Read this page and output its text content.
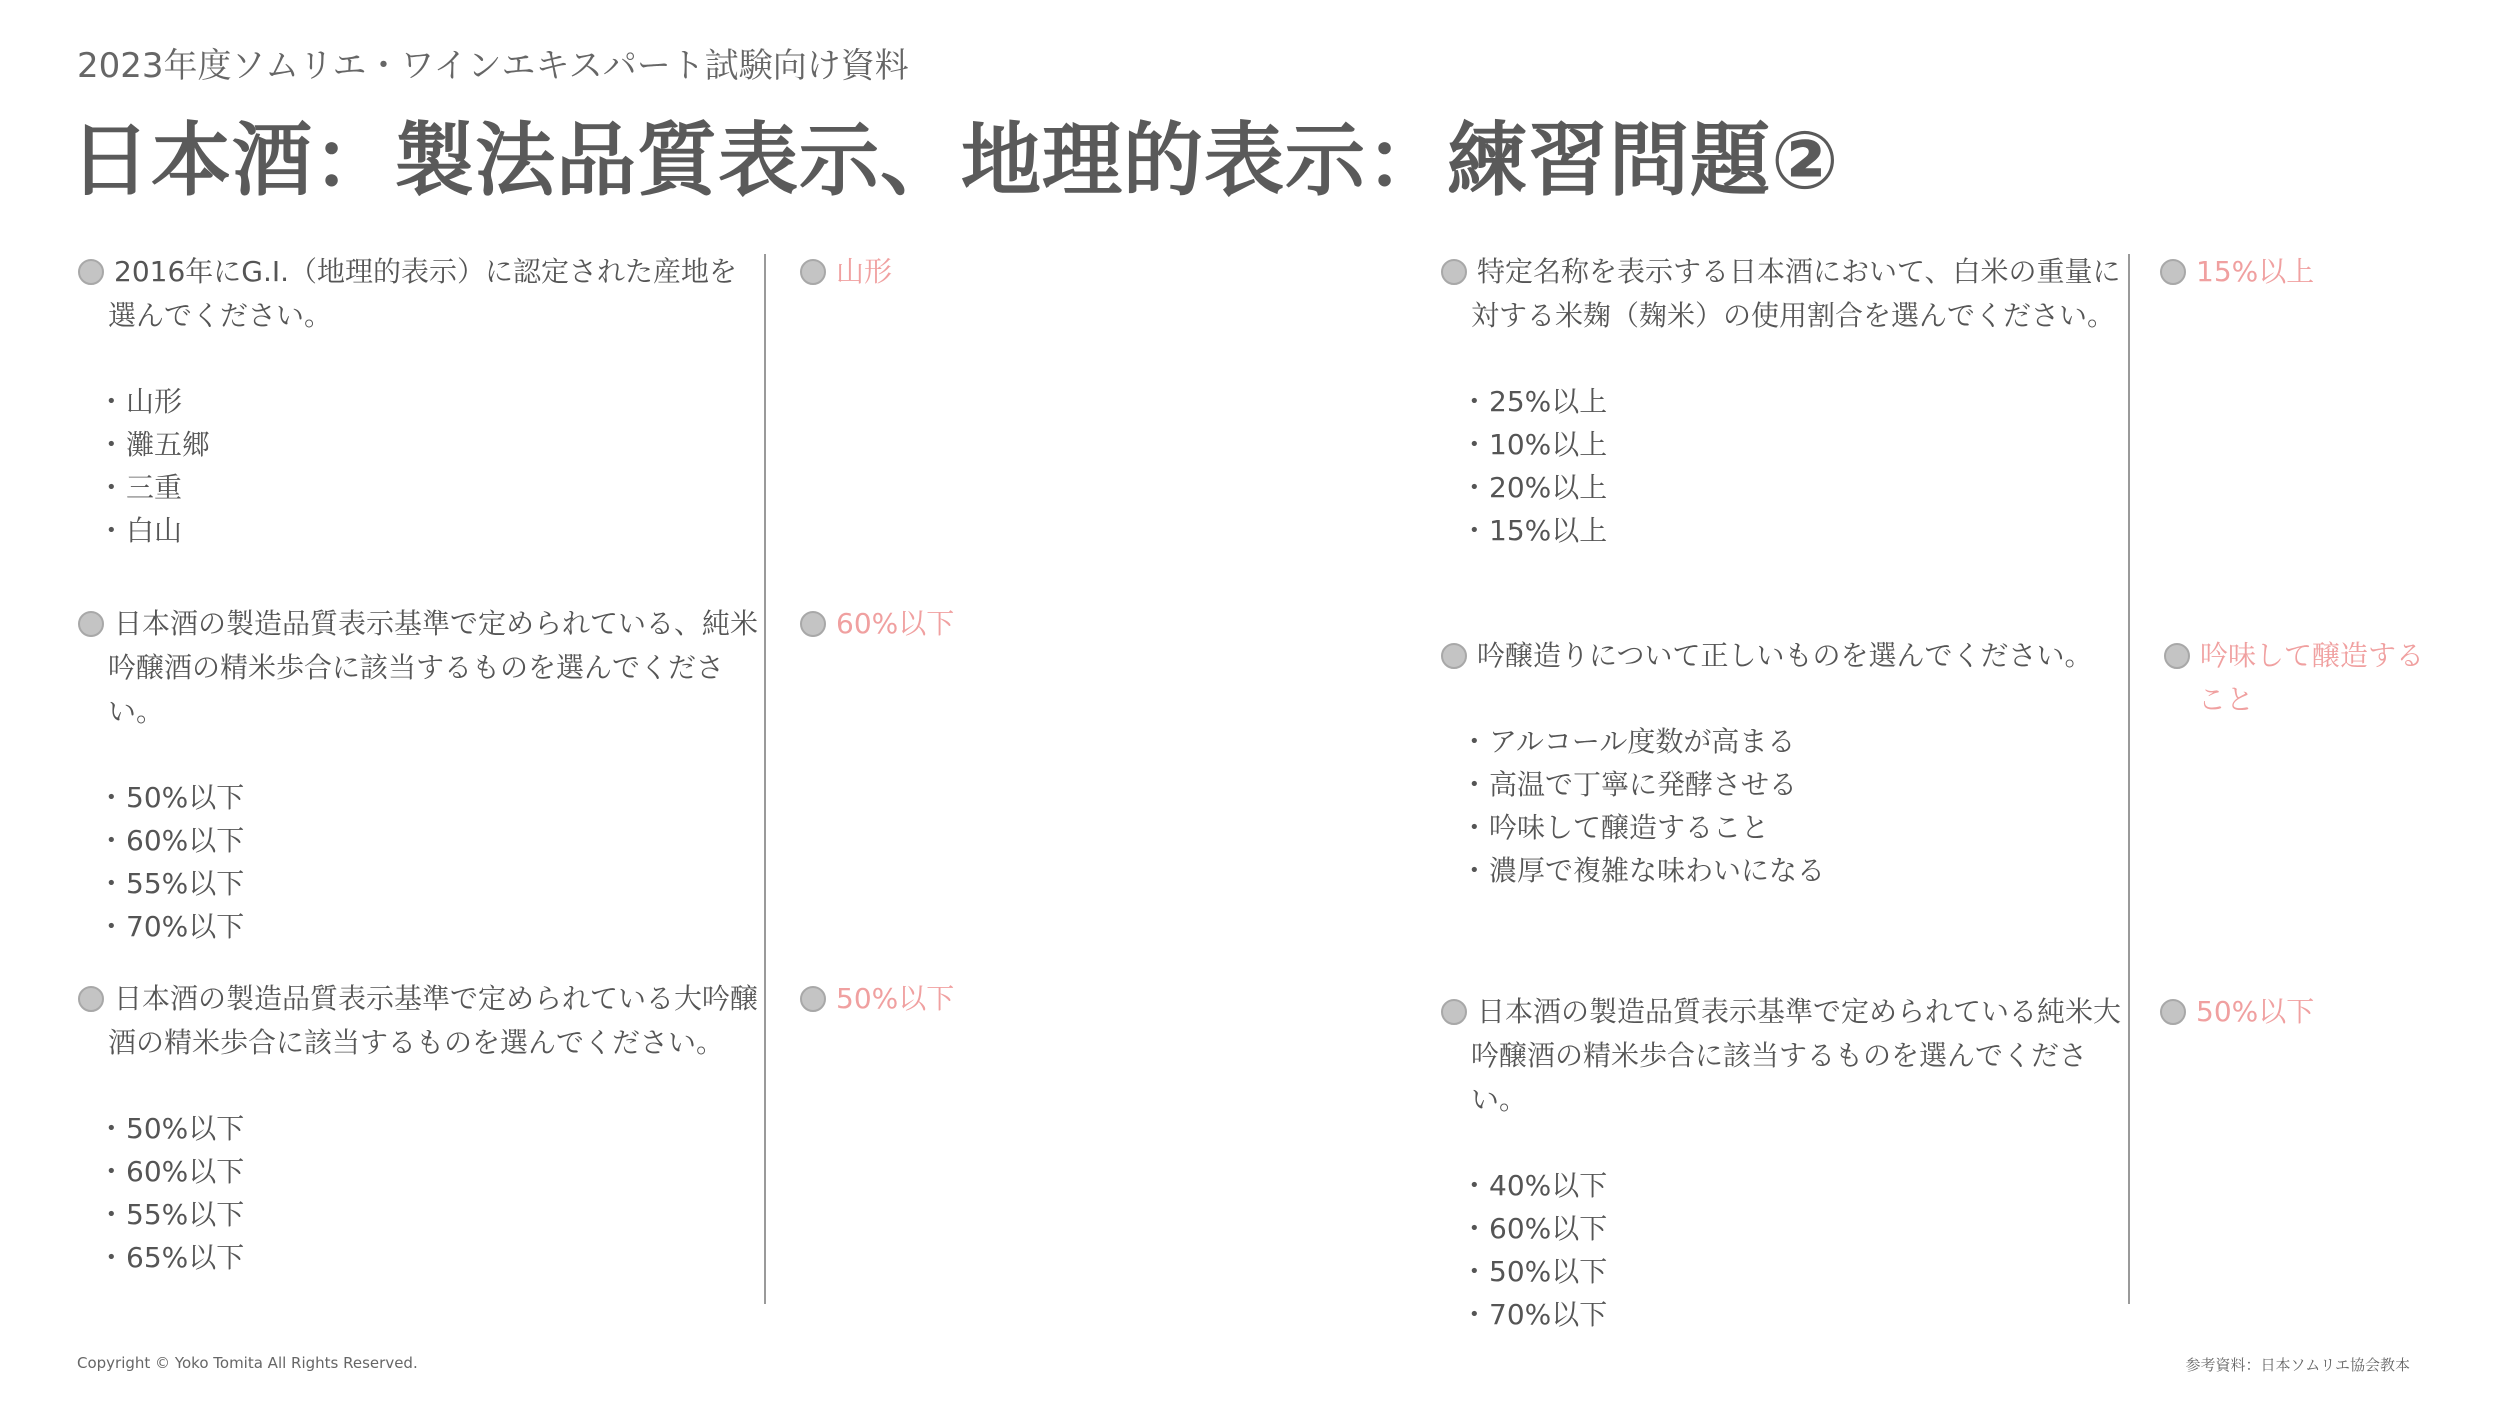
2023年度ソムリエ・ワインエキスパート試験向け資料
日本酒：製法品質表示、地理的表示：練習問題②
2016年にG.I.（地理的表示）に認定された産地を選んでください。
• 山形
• 灘五郷
• 三重
• 白山
山形
日本酒の製造品質表示基準で定められている、純米吟醸酒の精米歩合に該当するものを選んでください。
• 50%以下
• 60%以下
• 55%以下
• 70%以下
60%以下
日本酒の製造品質表示基準で定められている大吟醸酒の精米歩合に該当するものを選んでください。
• 50%以下
• 60%以下
• 55%以下
• 65%以下
50%以下
特定名称を表示する日本酒において、白米の重量に対する米麹（麹米）の使用割合を選んでください。
• 25%以上
• 10%以上
• 20%以上
• 15%以上
15%以上
吟醸造りについて正しいものを選んでください。
• アルコール度数が高まる
• 高温で丁寧に発酵させる
• 吟味して醸造すること
• 濃厚で複雑な味わいになる
吟味して醸造すること
日本酒の製造品質表示基準で定められている純米大吟醸酒の精米歩合に該当するものを選んでください。
• 40%以下
• 60%以下
• 50%以下
• 70%以下
50%以下
Copyright © Yoko Tomita All Rights Reserved.	参考資料：日本ソムリエ協会教本
